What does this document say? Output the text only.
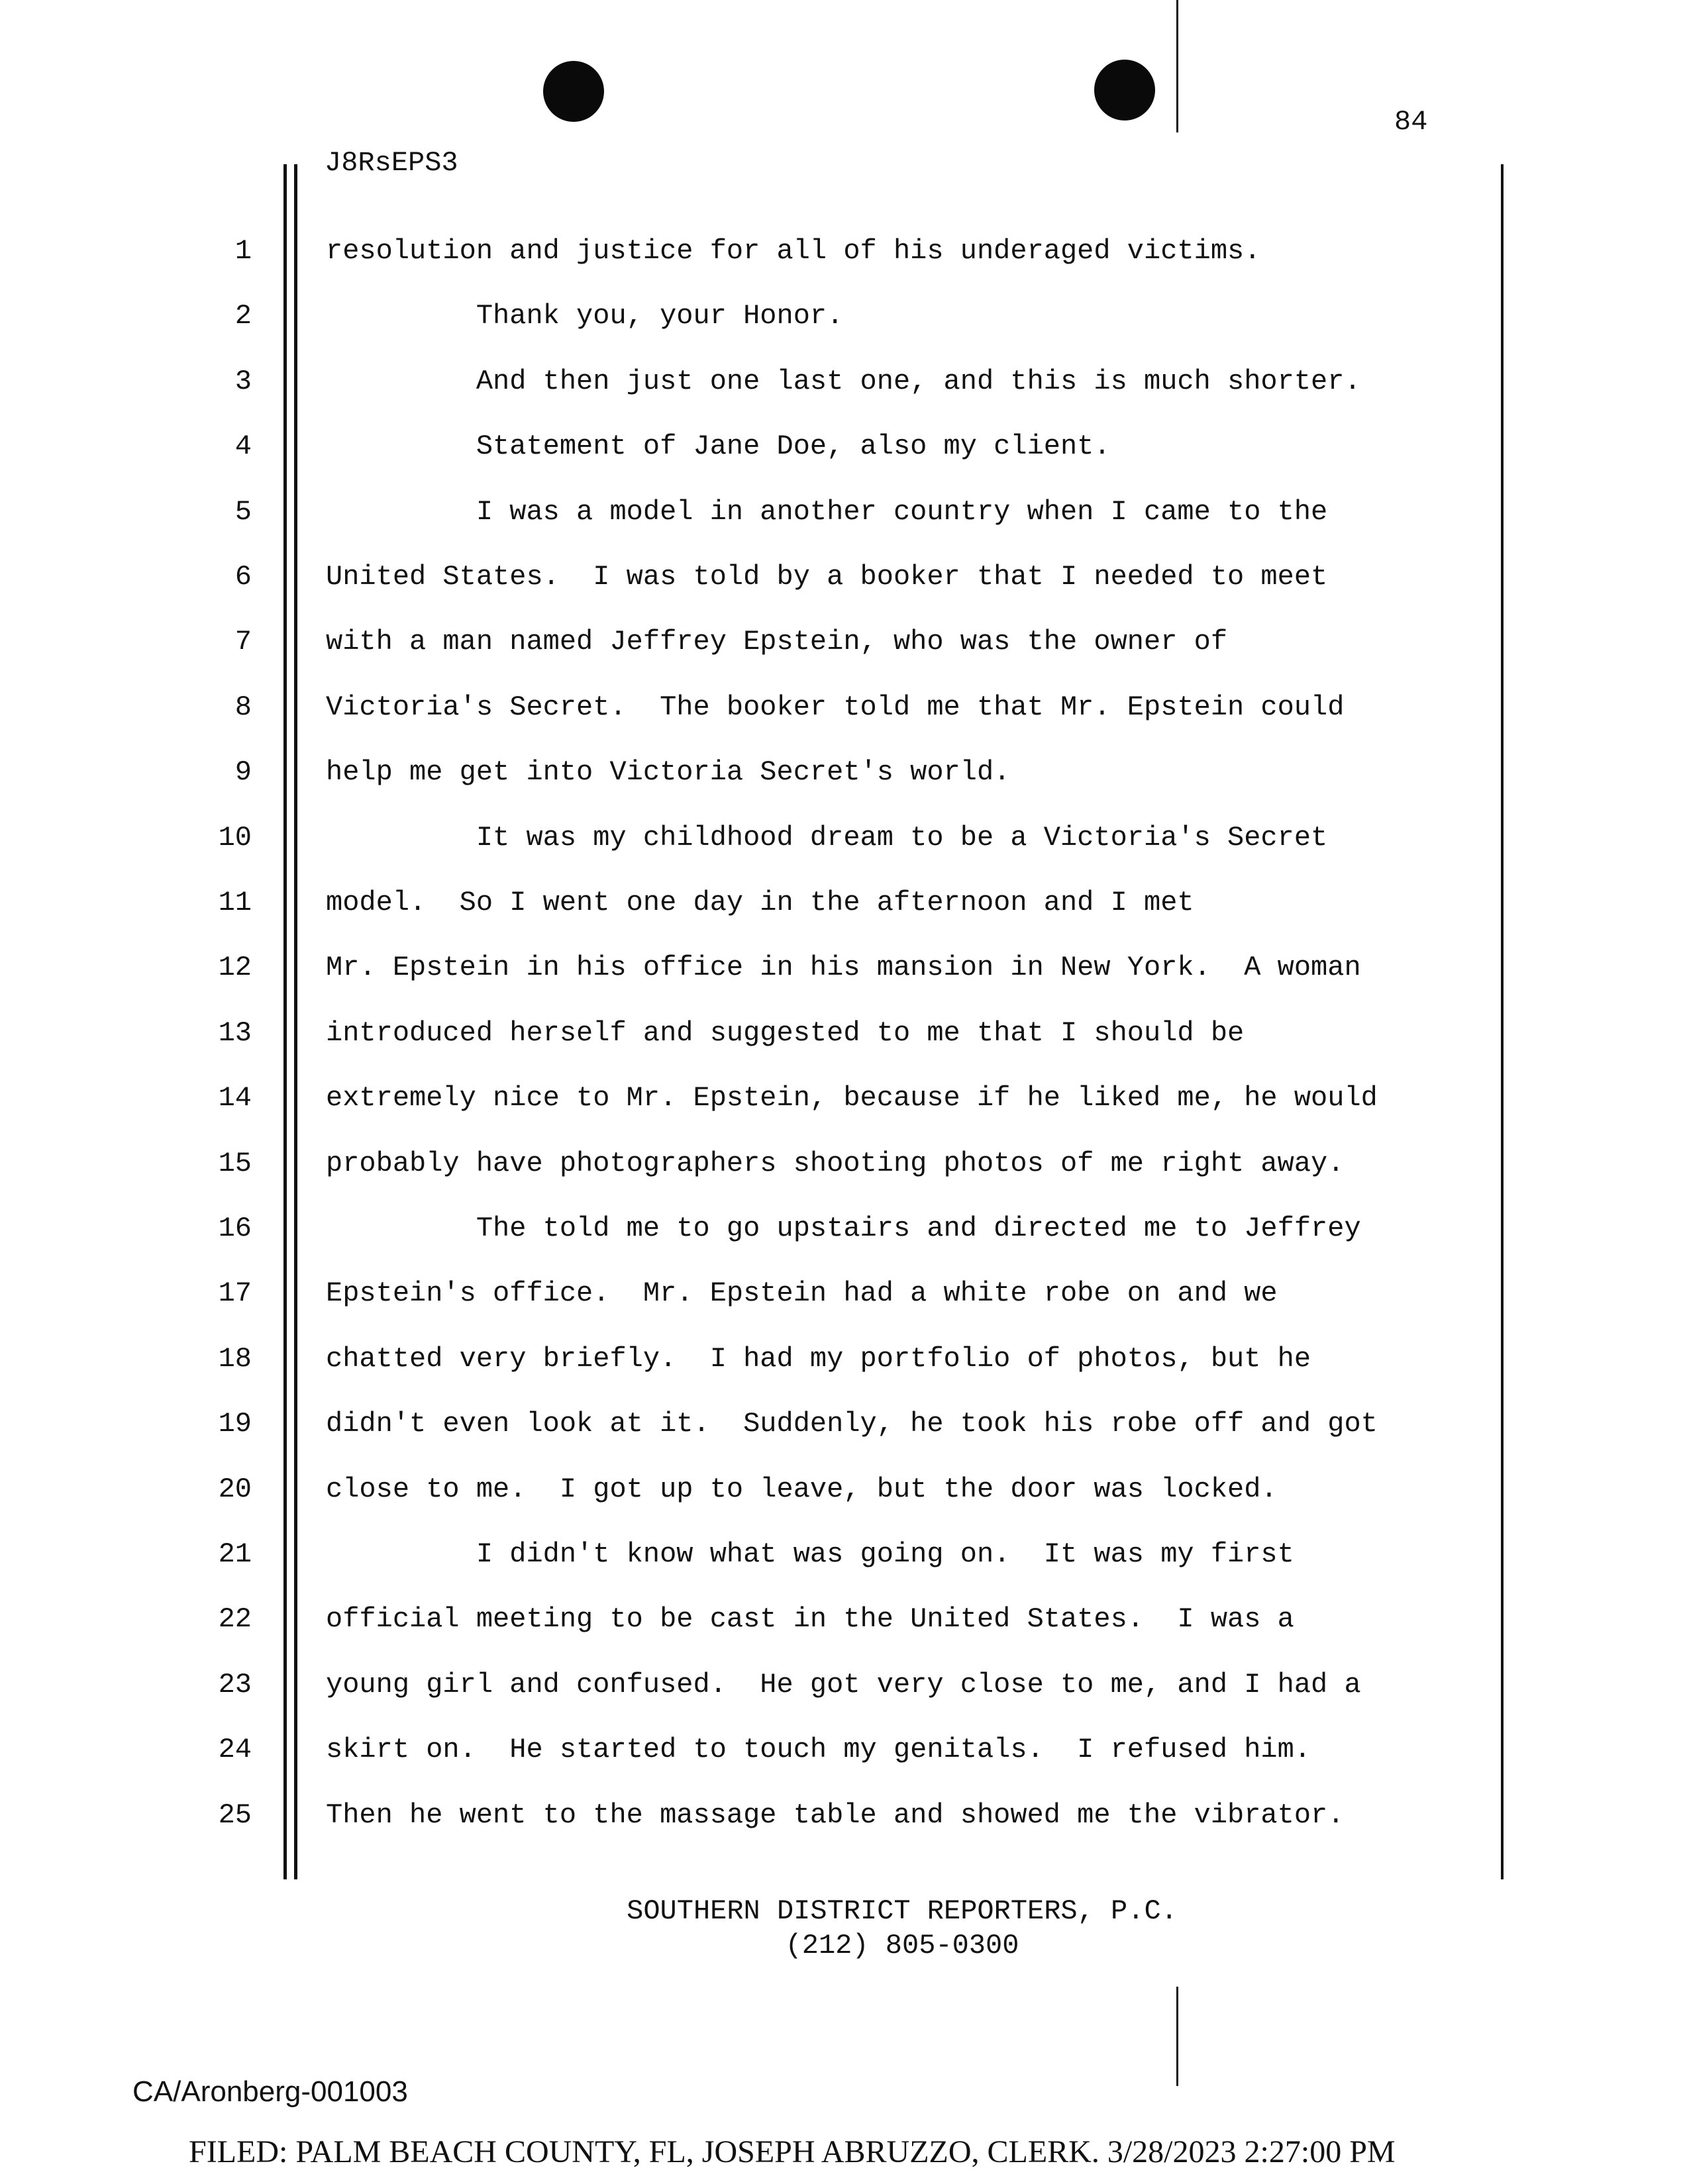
84
J8RsEPS3
1	resolution and justice for all of his underaged victims.
2	Thank you, your Honor.
3	And then just one last one, and this is much shorter.
4	Statement of Jane Doe, also my client.
5	I was a model in another country when I came to the
6	United States.  I was told by a booker that I needed to meet
7	with a man named Jeffrey Epstein, who was the owner of
8	Victoria's Secret.  The booker told me that Mr. Epstein could
9	help me get into Victoria Secret's world.
10	It was my childhood dream to be a Victoria's Secret
11	model.  So I went one day in the afternoon and I met
12	Mr. Epstein in his office in his mansion in New York.  A woman
13	introduced herself and suggested to me that I should be
14	extremely nice to Mr. Epstein, because if he liked me, he would
15	probably have photographers shooting photos of me right away.
16	The told me to go upstairs and directed me to Jeffrey
17	Epstein's office.  Mr. Epstein had a white robe on and we
18	chatted very briefly.  I had my portfolio of photos, but he
19	didn't even look at it.  Suddenly, he took his robe off and got
20	close to me.  I got up to leave, but the door was locked.
21	I didn't know what was going on.  It was my first
22	official meeting to be cast in the United States.  I was a
23	young girl and confused.  He got very close to me, and I had a
24	skirt on.  He started to touch my genitals.  I refused him.
25	Then he went to the massage table and showed me the vibrator.
SOUTHERN DISTRICT REPORTERS, P.C.
(212) 805-0300
CA/Aronberg-001003
FILED: PALM BEACH COUNTY, FL, JOSEPH ABRUZZO, CLERK. 3/28/2023 2:27:00 PM
